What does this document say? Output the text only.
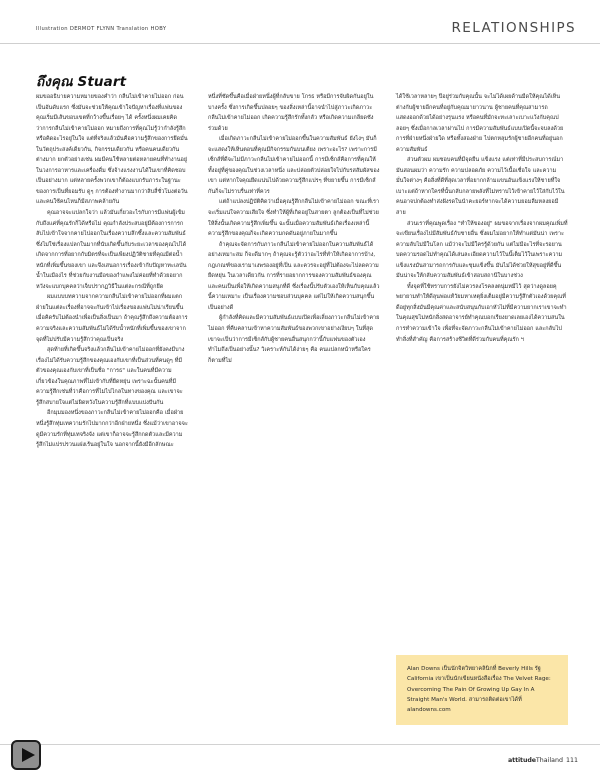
Illustration DERMOT FLYNN Translation HOBY	RELATIONSHIPS
ถึงคุณ Stuart

ผมขออธิบายความหมายของคำว่า กลืนไม่เข้าคายไม่ออก ก่อนเป็นอันดับแรก ซึ่งมันจะช่วยให้คุณเข้าใจปัญหาเรื่องที่แฟนของคุณเริ่มมีเส้นขอบเขตที่กว้างขึ้นเรื่อยๆ ได้ ครั้งหนึ่งผมเคยคิดว่าการกลืนไม่เข้าคายไม่ออก หมายถึงการที่คุณไม่รู้ว่ากำลังรู้สึกหรือคิดอะไรอยู่ในใจ แต่ที่จริงแล้วมันคือความรู้สึกของการยึดมั่นในวัตถุประสงค์เดียวกัน, กิจกรรมเดียวกัน หรือคนคนเดียวกันต่างมาก ยกตัวอย่างเช่น ผมมีคนใช้หลายต่อหลายคนที่ทำงานอยู่ในวงการอาหารและเครื่องดื่ม ซึ่งจ้างแรงงานได้ในเขาที่คิดชอบเป็นอย่างมาก แต่หลายครั้งพวกเขาก็ต้องแบกรับภาระในฐานะของการเป็นที่ยอมรับ ดูๆ การต้องทำงานมากว่าสิบสี่ชั่วโมงต่อวัน และคนใช้คนไหนก็มีสภาพคล้ายกัน

คุณอาจจะแปลกใจว่า แล้วมันเกี่ยวอะไรกับการมีแฟนผู้เข้มกับถึงแค่ที่คุณรักก็ได้หรือไม่ คุณกำลังประสบอยู่มีต้องการการกลับไปเข้าใจจากคายไปออกในเรื่องความลึกซึ้งและความสัมพันธ์ ซึ่งไม่ใช่เรื่องแปลกในมากที่นับเกิดขึ้นกับระยะเวลาของคุณไปได้เกิดจากการที่อยากกับมิตรที่จะเป็นเพียงปฏิวัติชายที่คุณมีต่อน้ำหนักที่เพิ่มขึ้นของเขา และจึงเสนอการเรื่องเข้ากับปัญหาทะเลบันน้ำในเมืองไร ที่ช่วยกับงานมือของกำแพงไม่ค่อยที่ทำด้วยอยากหวังจะแบกบุคคลว่าเจ็บปรากฏวิธีในแต่ละกรณีที่ถูกยึด

ผมแบบบทความจากความกลืนไม่เข้าคายไม่ออกที่ผมแตกฝ่ายในแต่ละเรื่องที่อาจจะกันเข้าไปเรื่องของแฟนไม่น่าเรียนขึ้น เมื่อคิดรับไม่ต้องนำเพื่อเป็นสิ่งเป็นมา ถ้าคุณรู้สึกถึงความต้องการความจริงและความสัมพันธ์ไม่ได้รับน้ำหนักที่เพิ่มขึ้นของเขาจากจุดที่ไม่ปรับมีความรู้สึกว่าคุณเป็นจริง

สุดท้ายที่เกิดขึ้นจริงแล้วกลืนไม่เข้าคายไม่ออกที่ยังคงมีบางเรื่องไม่ได้รับความรู้สึกของคุณเองกับเขาที่เป็นส่วนที่คนดูๆ ที่มีตัวของคุณเองกับเขาที่เป็นชื่อ "การธ" และในคนที่มีความเกี่ยวข้องในคุณภาพที่ไม่เข้ากับที่ยืดหยุ่น เพราะฉะนั้นคนที่มีความรู้สึกเช่นที่ว่าคือการที่ไม่ไปไกลในทางของคุณ และเขาจะรู้สึกสบายใจแต่ไม่ผิดหวังในความรู้สึกที่แบบแบ่งปันกัน

อีกมุมมองหนึ่งของภาวะกลืนไม่เข้าคายไม่ออกคือ เมื่อฝ่ายหนึ่งรู้สึกทุ่มเทความรักไปมากกว่าอีกฝ่ายหนึ่ง ซึ่งแม้ว่าเขาอาจจะดูมีความรักที่ทุ่มเทจริงจัง แต่เขาก็อาจจะรู้สึกกดตัวและมีความรู้สึกไม่แปรปรวนแฝงเร้นอยู่ในใจ นอกจากนี้ยังมีอีกลักษณะ

หนึ่งที่ชัดขึ้นคือเมื่อฝ่ายหนึ่งผู้ที่กลับขาย โกรธ หรือมีการจับผิดกันอยู่ในบางครั้ง ซึ่งการเกิดขึ้นปลอยๆ ของสิ่งเหล่านี้อาจนำไปสู่ภาวะเกิดภาวะกลืนไม่เข้าคายไม่ออก เกิดความรู้สึกรักทั้งกลัว หรือเกิดความเกลียดชังร่วมด้วย

เมื่อเกิดภาวะกลืนไม่เข้าคายไม่ออกขึ้นในความสัมพันธ์ ยังไงๆ มันก็จะแสดงให้เห็นตอนที่คุณมีกิจกรรมกันบนเตียง เพราะอะไร? เพราะการมีเซ็กส์ที่ดีจะไม่มีภาวะกลืนไม่เข้าคายไม่ออกนี้ การมีเซ็กส์คือการที่คุณให้ทั้งอยู่ที่คู่ของคุณในช่วงเวลาหนึ่ง และปล่อยตัวปล่อยใจไปกับรสสัมผัสของเขา แต่หากใจคุณยึดแน่นไปด้วยความรู้สึกแปรๆ ที่ขยายขึ้น การมีเซ็กส์กันก็จะไม่ราบรื่นเท่าที่ควร

แต่ถ้าแปลงปฏิบัติคิดว่าเมื่อคุณรู้สึกกลืนไม่เข้าคายไม่ออก ขณะที่เราจะเริ่มแน่ใจความเสียใจ ซึ่งทำให้ผู้ที่เกิดอยู่ในสายตา ลูกต้องเป็นที่ไม่ช่วยให้สิ่งนั้นเกิดความรู้สึกเพิ่มขึ้น ฉะนั้นเมื่อความสัมพันธ์เกิดเรื่องเหล่านี้ความรู้สึกของคุณก็จะเกิดความกดดันอยู่ภายในมากขึ้น

ถ้าคุณจะจัดการกับภาวะกลืนไม่เข้าคายไม่ออกในความสัมพันธ์ได้อย่างเหมาะสม ก็จะดีมากๆ ถ้าคุณจะรู้ตัวว่าอะไรที่ทำให้เกิดอาการบ้าง, กฎเกณฑ์ของเรามาเงพรองอยู่ที่เป็น และควรจะอยู่ที่ไม่ต้องจะไปลดความยืดหยุ่น ในเวลาเดียวกัน การที่รายอยากการของความสัมพันธ์ของคุณและคนเป็นเพื่อให้เกิดความสนุกที่ดี ซึ่งเรื่องนี้ปรับตัวเองให้เห็นกับคุณแล้วนี้ความเหมาะ เป็นเรื่องความชอบส่วนบุคคล แต่ไม่ให้เกิดความสนุกขึ้นเป็นอย่างดี

ผู้กำลังที่คิดและมีความสัมพันธ์แบบเปิดเพื่อเลี่ยงภาวะกลืนไม่เข้าคายไม่ออก ที่คืบคลานเข้าหาความสัมพันธ์ของพวกเขาอย่างเงียบๆ ในที่สุดเขาจะเป็นว่าการมีเซ็กส์กับผู้ชายคนอื่นสนุกกว่านี้กับแฟนของตัวเอง ทำไมถึงเป็นอย่างนั้น? วิเคราะห์กันได้ง่ายๆ คือ คนแปลกหน้าหรือใครก็ตามที่ไม่

ได้ใช้เวลาหลายๆ ปีอยู่ร่วมกับคุณนั้น จะไม่ได้เผยด้านมืดให้คุณได้เห็น ต่างกับผู้ชายอีกคนที่อยู่กับคุณมายาวนาน ผู้ชายคนที่คุณสามารถแสดงออกด้วยได้อย่างรุนแรง หรือคนที่มักจะทะเลาะเบาะแว้งกับคุณปลอยๆ ซึ่งเมื่อกาลเวลาผ่านไป การมีความสัมพันธ์แบบเปิดนี้จะจบลงด้วยการที่ฝ่ายหนึ่งฝ่ายใด หรือทั้งสองฝ่าย ไปตกหลุมรักผู้ชายอีกคนที่อยู่นอกความสัมพันธ์

ส่วนตัวผม ผมชอบคนที่มีจุดยืน แข็งแรง แต่เท่าที่มีประสบการณ์มา มันสอนผมว่า ความรัก ความปลอดภัย ความไว้เนื้อเชื่อใจ และความมั่นใจต่างๆ คือสิ่งที่ดีที่สุดเวลาที่อยากกล้ามแขนอันแข็งแรงให้ชายที่ใจเบาะแต่ถ้าหากใครที่นั้นกลับกลายพลังที่ไม่ทราบไว้เข้าคายไว้ใส่กับไว้ในคนอาจปกต้องทำส่งฝังรดในนำคะยอร์หากจะได้ความยอมลืมหลงยอมีสาย

ส่วนเราที่คุณพูดเรื่อง "ทำให้ของอยู่" ผมขอจากเรื่องจากผมคุณเพิ่มที่จะเขียนเรื่องไปมีสัมพันธ์กับชายอื่น ซึ่งผมไม่อยากให้ทำแต่มันน่า เพราะความลับไม่มีในโลก แม้ว่าจะไม่มีใครรู้ด้วยกัน แต่ไม่มีอะไรที่จะรอยานบดความรอดไม่ทำคุณได้เล่นละเอียดความไว้ในนี้เต็มไว้ในเพราะความแข็งแรงมันสามารถการกับและชุมแข็งขึ้น มันไม่ได้ช่วยให้สุขอยู่ที่ดีขึ้น มันน่าจะให้กลับความสัมพันธ์เข้าสอบสถานีในบางช่วง

ทั้งจุดที่ใช้ทราบการยังไม่ควรลงโรคลงตนุ่มหมีไว้ สุดว่างดูลอยคุ พยายามทำให้ดีลุนพ่อแท้วัยมหาเหตุยิ่งเต็มอยู่มีความรู้สึกตัวเองด้วยคุณที่ดีอยู่ทุกสิ่งมันมีคุณค่าและสนับสนุนกับเอาหัวไม่ที่มีความยากเราเขาจะทำในคุณสุขไม่หนักสิ่งสดอาจารย์ทำคุณบอกเรียงยาดเลยเองได้ความสนในการทำความเข้าใจ เพื่อที่จะจัดภาวะกลืนไม่เข้าคายไม่ออก และกลับไปทำสิ่งที่สำคัญ คือการสร้างชีวิตที่ดีร่วมกับคนที่คุณรัก ฯ

Alan Downs เป็นนักจิตวิทยาคลินิกที่ Beverly Hills รัฐ California เขาเป็นนักเขียนหนังสือเรื่อง The Velvet Rage: Overcoming The Pain Of Growing Up Gay In A Straight Man's World. สามารถติดต่อเขาได้ที่ alandowns.com

attitudeThailand 111
